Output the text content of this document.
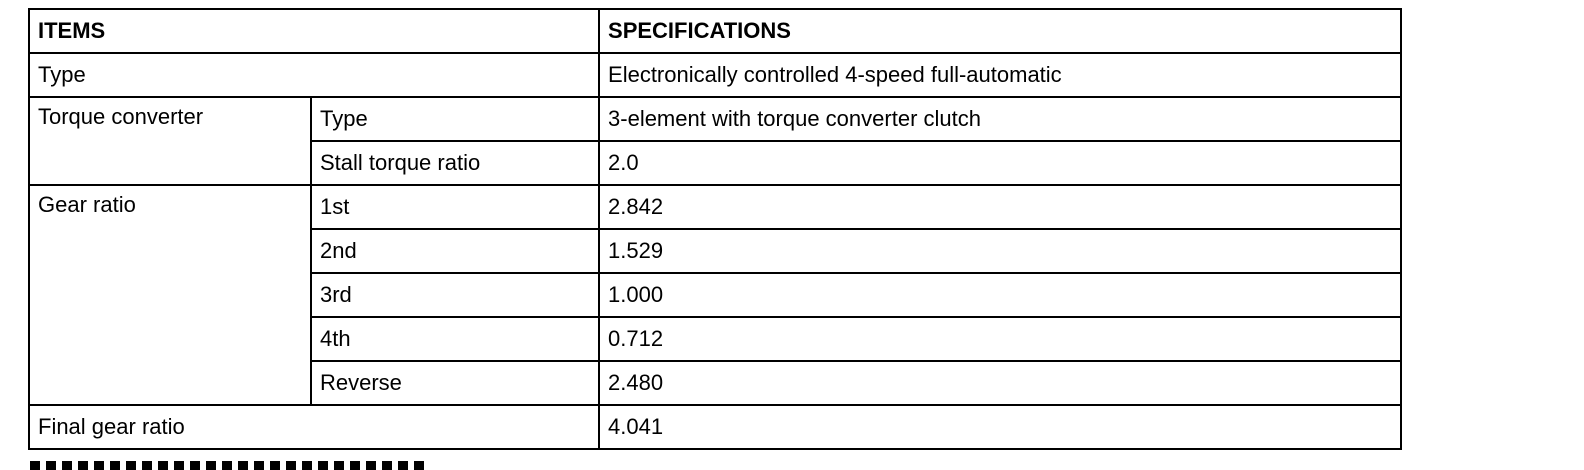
ITEMS		SPECIFICATIONS
Type		Electronically controlled 4-speed full-automatic
Torque converter	Type	3-element with torque converter clutch
	Stall torque ratio	2.0
Gear ratio	1st	2.842
	2nd	1.529
	3rd	1.000
	4th	0.712
	Reverse	2.480
Final gear ratio		4.041
